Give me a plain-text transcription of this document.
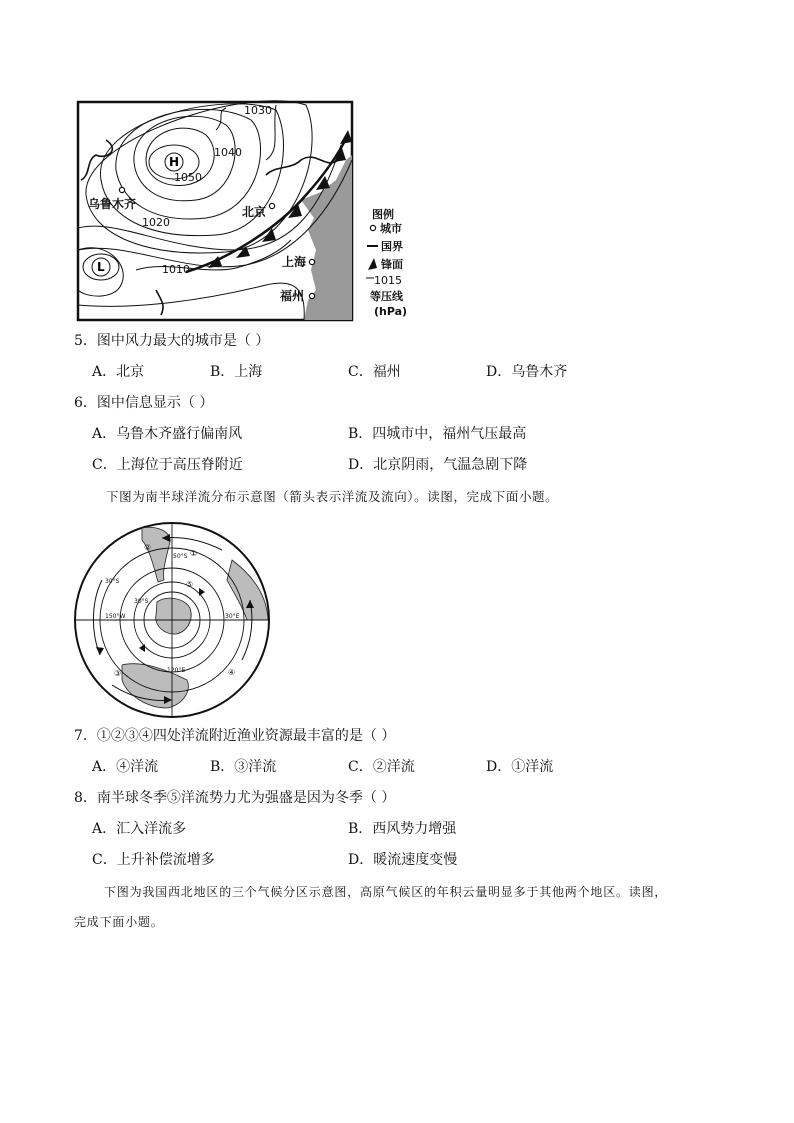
1030
1040
1050
1020
1010
H
L
乌鲁木齐
北京
上海
福州
图例
城市
国界
锋面
1015
等压线
(hPa)
5．图中风力最大的城市是（ ）
A．北京	B．上海	C．福州	D．乌鲁木齐
6．图中信息显示（ ）
A．乌鲁木齐盛行偏南风	B．四城市中，福州气压最高
C．上海位于高压脊附近	D．北京阴雨，气温急剧下降
下图为南半球洋流分布示意图（箭头表示洋流及流向）。读图，完成下面小题。
①
②
③	④
⑤
30°S
30°S
50°S
150°W	30°E
120°E
7．①②③④四处洋流附近渔业资源最丰富的是（ ）
A．④洋流	B．③洋流	C．②洋流	D．①洋流
8．南半球冬季⑤洋流势力尤为强盛是因为冬季（ ）
A．汇入洋流多	B．西风势力增强
C．上升补偿流增多	D．暖流速度变慢
下图为我国西北地区的三个气候分区示意图，高原气候区的年积云量明显多于其他两个地区。读图，
完成下面小题。
